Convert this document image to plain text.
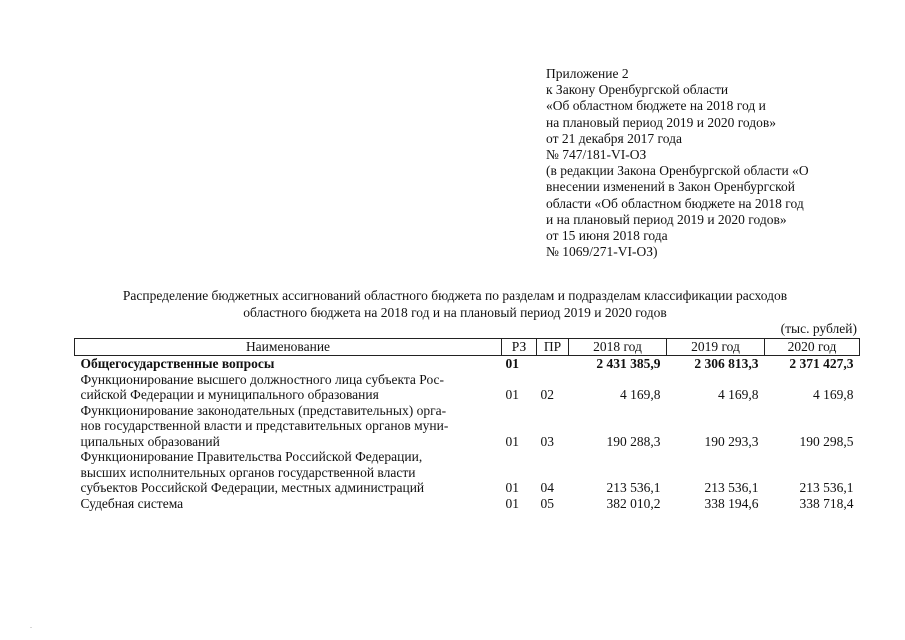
Приложение 2
к Закону Оренбургской области
«Об областном бюджете на 2018 год и
на плановый период 2019 и 2020 годов»
от 21 декабря 2017 года
№ 747/181-VI-ОЗ
(в редакции Закона Оренбургской области «О
внесении изменений в Закон Оренбургской
области «Об областном бюджете на 2018 год
и на плановый период 2019 и 2020 годов»
от 15 июня 2018 года
№ 1069/271-VI-ОЗ)
Распределение бюджетных ассигнований областного бюджета по разделам и подразделам классификации расходов
областного бюджета на 2018 год и на плановый период 2019 и 2020 годов
(тыс. рублей)
Наименование	РЗ	ПР	2018 год	2019 год	2020 год

Общегосударственные вопросы	01		2 431 385,9	2 306 813,3	2 371 427,3

Функционирование высшего должностного лица субъекта Рос-
сийской Федерации и муниципального образования	01	02	4 169,8	4 169,8	4 169,8

Функционирование законодательных (представительных) орга-
нов государственной власти и представительных органов муни-
ципальных образований	01	03	190 288,3	190 293,3	190 298,5

Функционирование Правительства Российской Федерации,
высших исполнительных органов государственной власти
субъектов Российской Федерации, местных администраций	01	04	213 536,1	213 536,1	213 536,1

Судебная система	01	05	382 010,2	338 194,6	338 718,4
.
